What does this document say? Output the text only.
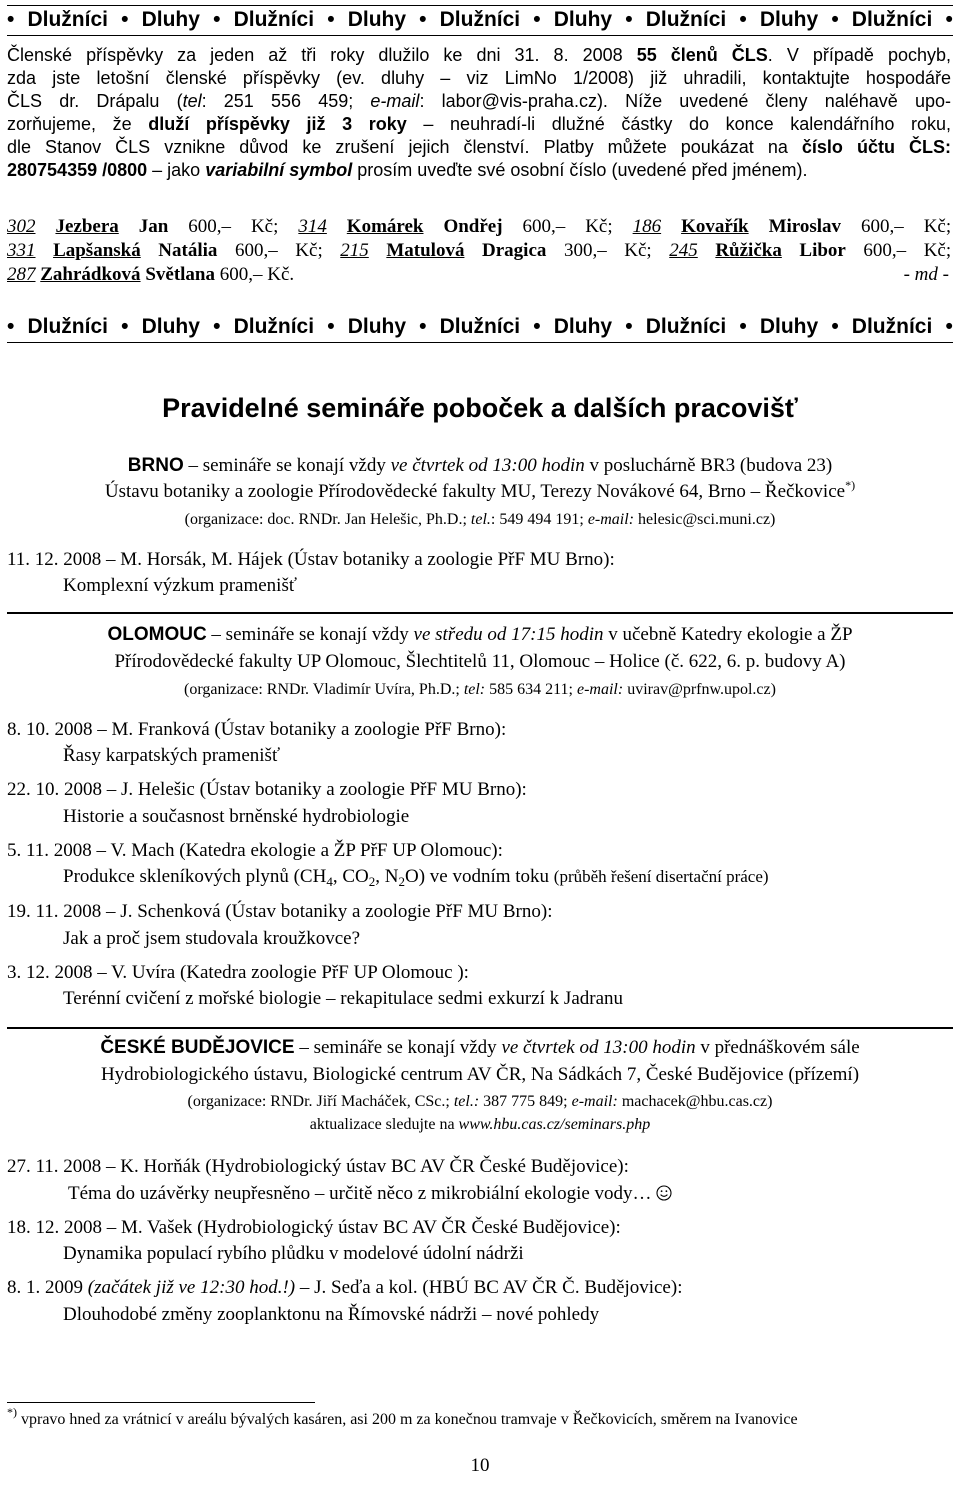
• Dlužníci • Dluhy • Dlužníci • Dluhy • Dlužníci • Dluhy • Dlužníci • Dluhy • Dlužníci •
Členské příspěvky za jeden až tři roky dlužilo ke dni 31. 8. 2008 55 členů ČLS. V případě pochyb,
zda jste letošní členské příspěvky (ev. dluhy – viz LimNo 1/2008) již uhradili, kontaktujte hospodáře
ČLS dr. Drápalu (tel: 251 556 459; e-mail: labor@vis-praha.cz). Níže uvedené členy naléhavě upo-
zorňujeme, že dluží příspěvky již 3 roky – neuhradí-li dlužné částky do konce kalendářního roku,
dle Stanov ČLS vznikne důvod ke zrušení jejich členství. Platby můžete poukázat na číslo účtu ČLS:
280754359 /0800 – jako variabilní symbol prosím uveďte své osobní číslo (uvedené před jménem).
302 Jezbera Jan 600,– Kč; 314 Komárek Ondřej 600,– Kč; 186 Kovařík Miroslav 600,– Kč;
331 Lapšanská Natália 600,– Kč; 215 Matulová Dragica 300,– Kč; 245 Růžička Libor 600,– Kč;
287 Zahrádková Světlana 600,– Kč.	- md -
• Dlužníci • Dluhy • Dlužníci • Dluhy • Dlužníci • Dluhy • Dlužníci • Dluhy • Dlužníci •
Pravidelné semináře poboček a dalších pracovišť
BRNO – semináře se konají vždy ve čtvrtek od 13:00 hodin v posluchárně BR3 (budova 23)
Ústavu botaniky a zoologie Přírodovědecké fakulty MU, Terezy Novákové 64, Brno – Řečkovice*)
(organizace: doc. RNDr. Jan Helešic, Ph.D.; tel.: 549 494 191; e-mail: helesic@sci.muni.cz)
11. 12. 2008 – M. Horsák, M. Hájek (Ústav botaniky a zoologie PřF MU Brno):
Komplexní výzkum pramenišť
OLOMOUC – semináře se konají vždy ve středu od 17:15 hodin v učebně Katedry ekologie a ŽP
Přírodovědecké fakulty UP Olomouc, Šlechtitelů 11, Olomouc – Holice (č. 622, 6. p. budovy A)
(organizace: RNDr. Vladimír Uvíra, Ph.D.; tel: 585 634 211; e-mail: uvirav@prfnw.upol.cz)
8. 10. 2008 – M. Franková (Ústav botaniky a zoologie PřF Brno):
Řasy karpatských pramenišť
22. 10. 2008 – J. Helešic (Ústav botaniky a zoologie PřF MU Brno):
Historie a současnost brněnské hydrobiologie
5. 11. 2008 – V. Mach (Katedra ekologie a ŽP PřF UP Olomouc):
Produkce skleníkových plynů ($CH_4$, $CO_2$, $N_2O$) ve vodním toku (průběh řešení disertační práce)
19. 11. 2008 – J. Schenková (Ústav botaniky a zoologie PřF MU Brno):
Jak a proč jsem studovala kroužkovce?
3. 12. 2008 – V. Uvíra (Katedra zoologie PřF UP Olomouc ):
Terénní cvičení z mořské biologie – rekapitulace sedmi exkurzí k Jadranu
ČESKÉ BUDĚJOVICE – semináře se konají vždy ve čtvrtek od 13:00 hodin v přednáškovém sále
Hydrobiologického ústavu, Biologické centrum AV ČR, Na Sádkách 7, České Budějovice (přízemí)
(organizace: RNDr. Jiří Macháček, CSc.; tel.: 387 775 849; e-mail: machacek@hbu.cas.cz)
aktualizace sledujte na www.hbu.cas.cz/seminars.php
27. 11. 2008 – K. Horňák (Hydrobiologický ústav BC AV ČR České Budějovice):
Téma do uzávěrky neupřesněno – určitě něco z mikrobiální ekologie vody…
18. 12. 2008 – M. Vašek (Hydrobiologický ústav BC AV ČR České Budějovice):
Dynamika populací rybího plůdku v modelové údolní nádrži
8. 1. 2009 (začátek již ve 12:30 hod.!) – J. Seďa a kol. (HBÚ BC AV ČR Č. Budějovice):
Dlouhodobé změny zooplanktonu na Římovské nádrži – nové pohledy
*) vpravo hned za vrátnicí v areálu bývalých kasáren, asi 200 m za konečnou tramvaje v Řečkovicích, směrem na Ivanovice
10
